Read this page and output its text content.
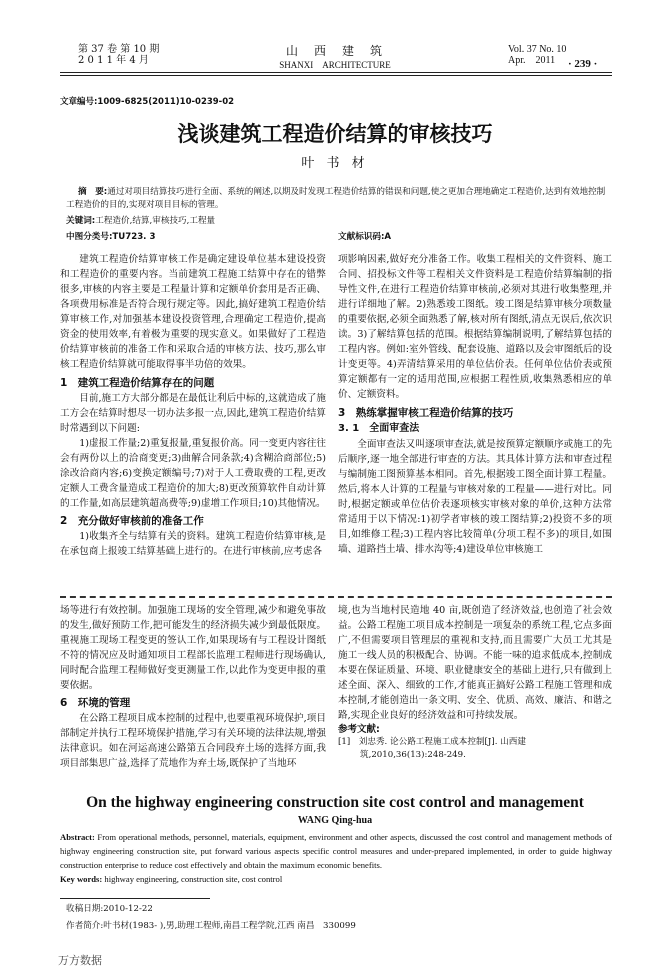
第 37 卷 第 10 期
2 0 1 1 年 4 月
山　西　建　筑
SHANXI　ARCHITECTURE
Vol. 37 No. 10
Apr.　2011	· 239 ·
文章编号:1009-6825(2011)10-0239-02
浅谈建筑工程造价结算的审核技巧
叶 书 材
摘　要:通过对项目结算技巧进行全面、系统的阐述,以期及时发现工程造价结算的错误和问题,使之更加合理地确定工程造价,达到有效地控制工程造价的目的,实现对项目目标的管理。
关键词:工程造价,结算,审核技巧,工程量
中图分类号:TU723. 3	文献标识码:A

建筑工程造价结算审核工作是确定建设单位基本建设投资和工程造价的重要内容。当前建筑工程施工结算中存在的错弊很多,审核的内容主要是工程量计算和定额单价套用是否正确、各项费用标准是否符合现行规定等。因此,搞好建筑工程造价结算审核工作,对加强基本建设投资管理,合理确定工程造价,提高资金的使用效率,有着极为重要的现实意义。如果做好了工程造价结算审核前的准备工作和采取合适的审核方法、技巧,那么审核工程造价结算就可能取得事半功倍的效果。

1　建筑工程造价结算存在的问题

目前,施工方大部分都是在最低让利后中标的,这就造成了施工方会在结算时想尽一切办法多报一点,因此,建筑工程造价结算时常遇到以下问题:

1)虚报工作量;2)重复报量,重复报价高。同一变更内容往往会有两份以上的洽商变更;3)曲解合同条款;4)含糊洽商部位;5)涂改洽商内容;6)变换定额编号;7)对于人工费取费的工程,更改定额人工费含量造成工程造价的加大;8)更改预算软件自动计算的工作量,如高层建筑超高费等;9)虚增工作项目;10)其他情况。

2　充分做好审核前的准备工作

1)收集齐全与结算有关的资料。建筑工程造价结算审核,是在承包商上报竣工结算基础上进行的。在进行审核前,应考虑各

项影响因素,做好充分准备工作。收集工程相关的文件资料、施工合同、招投标文件等工程相关文件资料是工程造价结算编制的指导性文件,在进行工程造价结算审核前,必须对其进行收集整理,并进行详细地了解。2)熟悉竣工图纸。竣工图是结算审核分项数量的重要依据,必须全面熟悉了解,核对所有图纸,清点无误后,依次识读。3)了解结算包括的范围。根据结算编制说明,了解结算包括的工程内容。例如:室外管线、配套设施、道路以及会审图纸后的设计变更等。4)弄清结算采用的单位估价表。任何单位估价表或预算定额都有一定的适用范围,应根据工程性质,收集熟悉相应的单价、定额资料。

3　熟练掌握审核工程造价结算的技巧
3. 1　全面审查法

全面审查法又叫逐项审查法,就是按预算定额顺序或施工的先后顺序,逐一地全部进行审查的方法。其具体计算方法和审查过程与编制施工图预算基本相同。首先,根据竣工图全面计算工程量。然后,将本人计算的工程量与审核对象的工程量——进行对比。同时,根据定额或单位估价表逐项核实审核对象的单价,这种方法常常适用于以下情况:1)初学者审核的竣工图结算;2)投资不多的项目,如维修工程;3)工程内容比较简单(分项工程不多)的项目,如围墙、道路挡土墙、排水沟等;4)建设单位审核施工

场等进行有效控制。加强施工现场的安全管理,减少和避免事故的发生,做好预防工作,把可能发生的经济损失减少到最低限度。重视施工现场工程变更的签认工作,如果现场有与工程设计图纸不符的情况应及时通知项目工程部长监理工程师进行现场确认,同时配合监理工程师做好变更测量工作,以此作为变更申报的重要依据。

6　环境的管理

在公路工程项目成本控制的过程中,也要重视环境保护,项目部制定并执行工程环境保护措施,学习有关环境的法律法规,增强法律意识。如在河运高速公路第五合同段弃土场的选择方面,我项目部集思广益,选择了荒地作为弃土场,既保护了当地环

境,也为当地村民造地 40 亩,既创造了经济效益,也创造了社会效益。公路工程施工项目成本控制是一项复杂的系统工程,它点多面广,不但需要项目管理层的重视和支持,而且需要广大员工尤其是施工一线人员的积极配合、协调。不能一味的追求低成本,控制成本要在保证质量、环境、职业健康安全的基础上进行,只有做到上述全面、深入、细致的工作,才能真正搞好公路工程施工管理和成本控制,才能创造出一条文明、安全、优质、高效、廉洁、和谐之路,实现企业良好的经济效益和可持续发展。

参考文献:

[1]　刘忠秀. 论公路工程施工成本控制[J]. 山西建筑,2010,36(13):248-249.

On the highway engineering construction site cost control and management
WANG Qing-hua
Abstract: From operational methods, personnel, materials, equipment, environment and other aspects, discussed the cost control and management methods of highway engineering construction site, put forward various aspects specific control measures and under-prepared implemented, in order to guide highway construction enterprise to reduce cost effectively and obtain the maximum economic benefits.
Key words: highway engineering, construction site, cost control
收稿日期:2010-12-22
作者简介:叶书材(1983- ),男,助理工程师,南昌工程学院,江西 南昌　330099
万方数据
